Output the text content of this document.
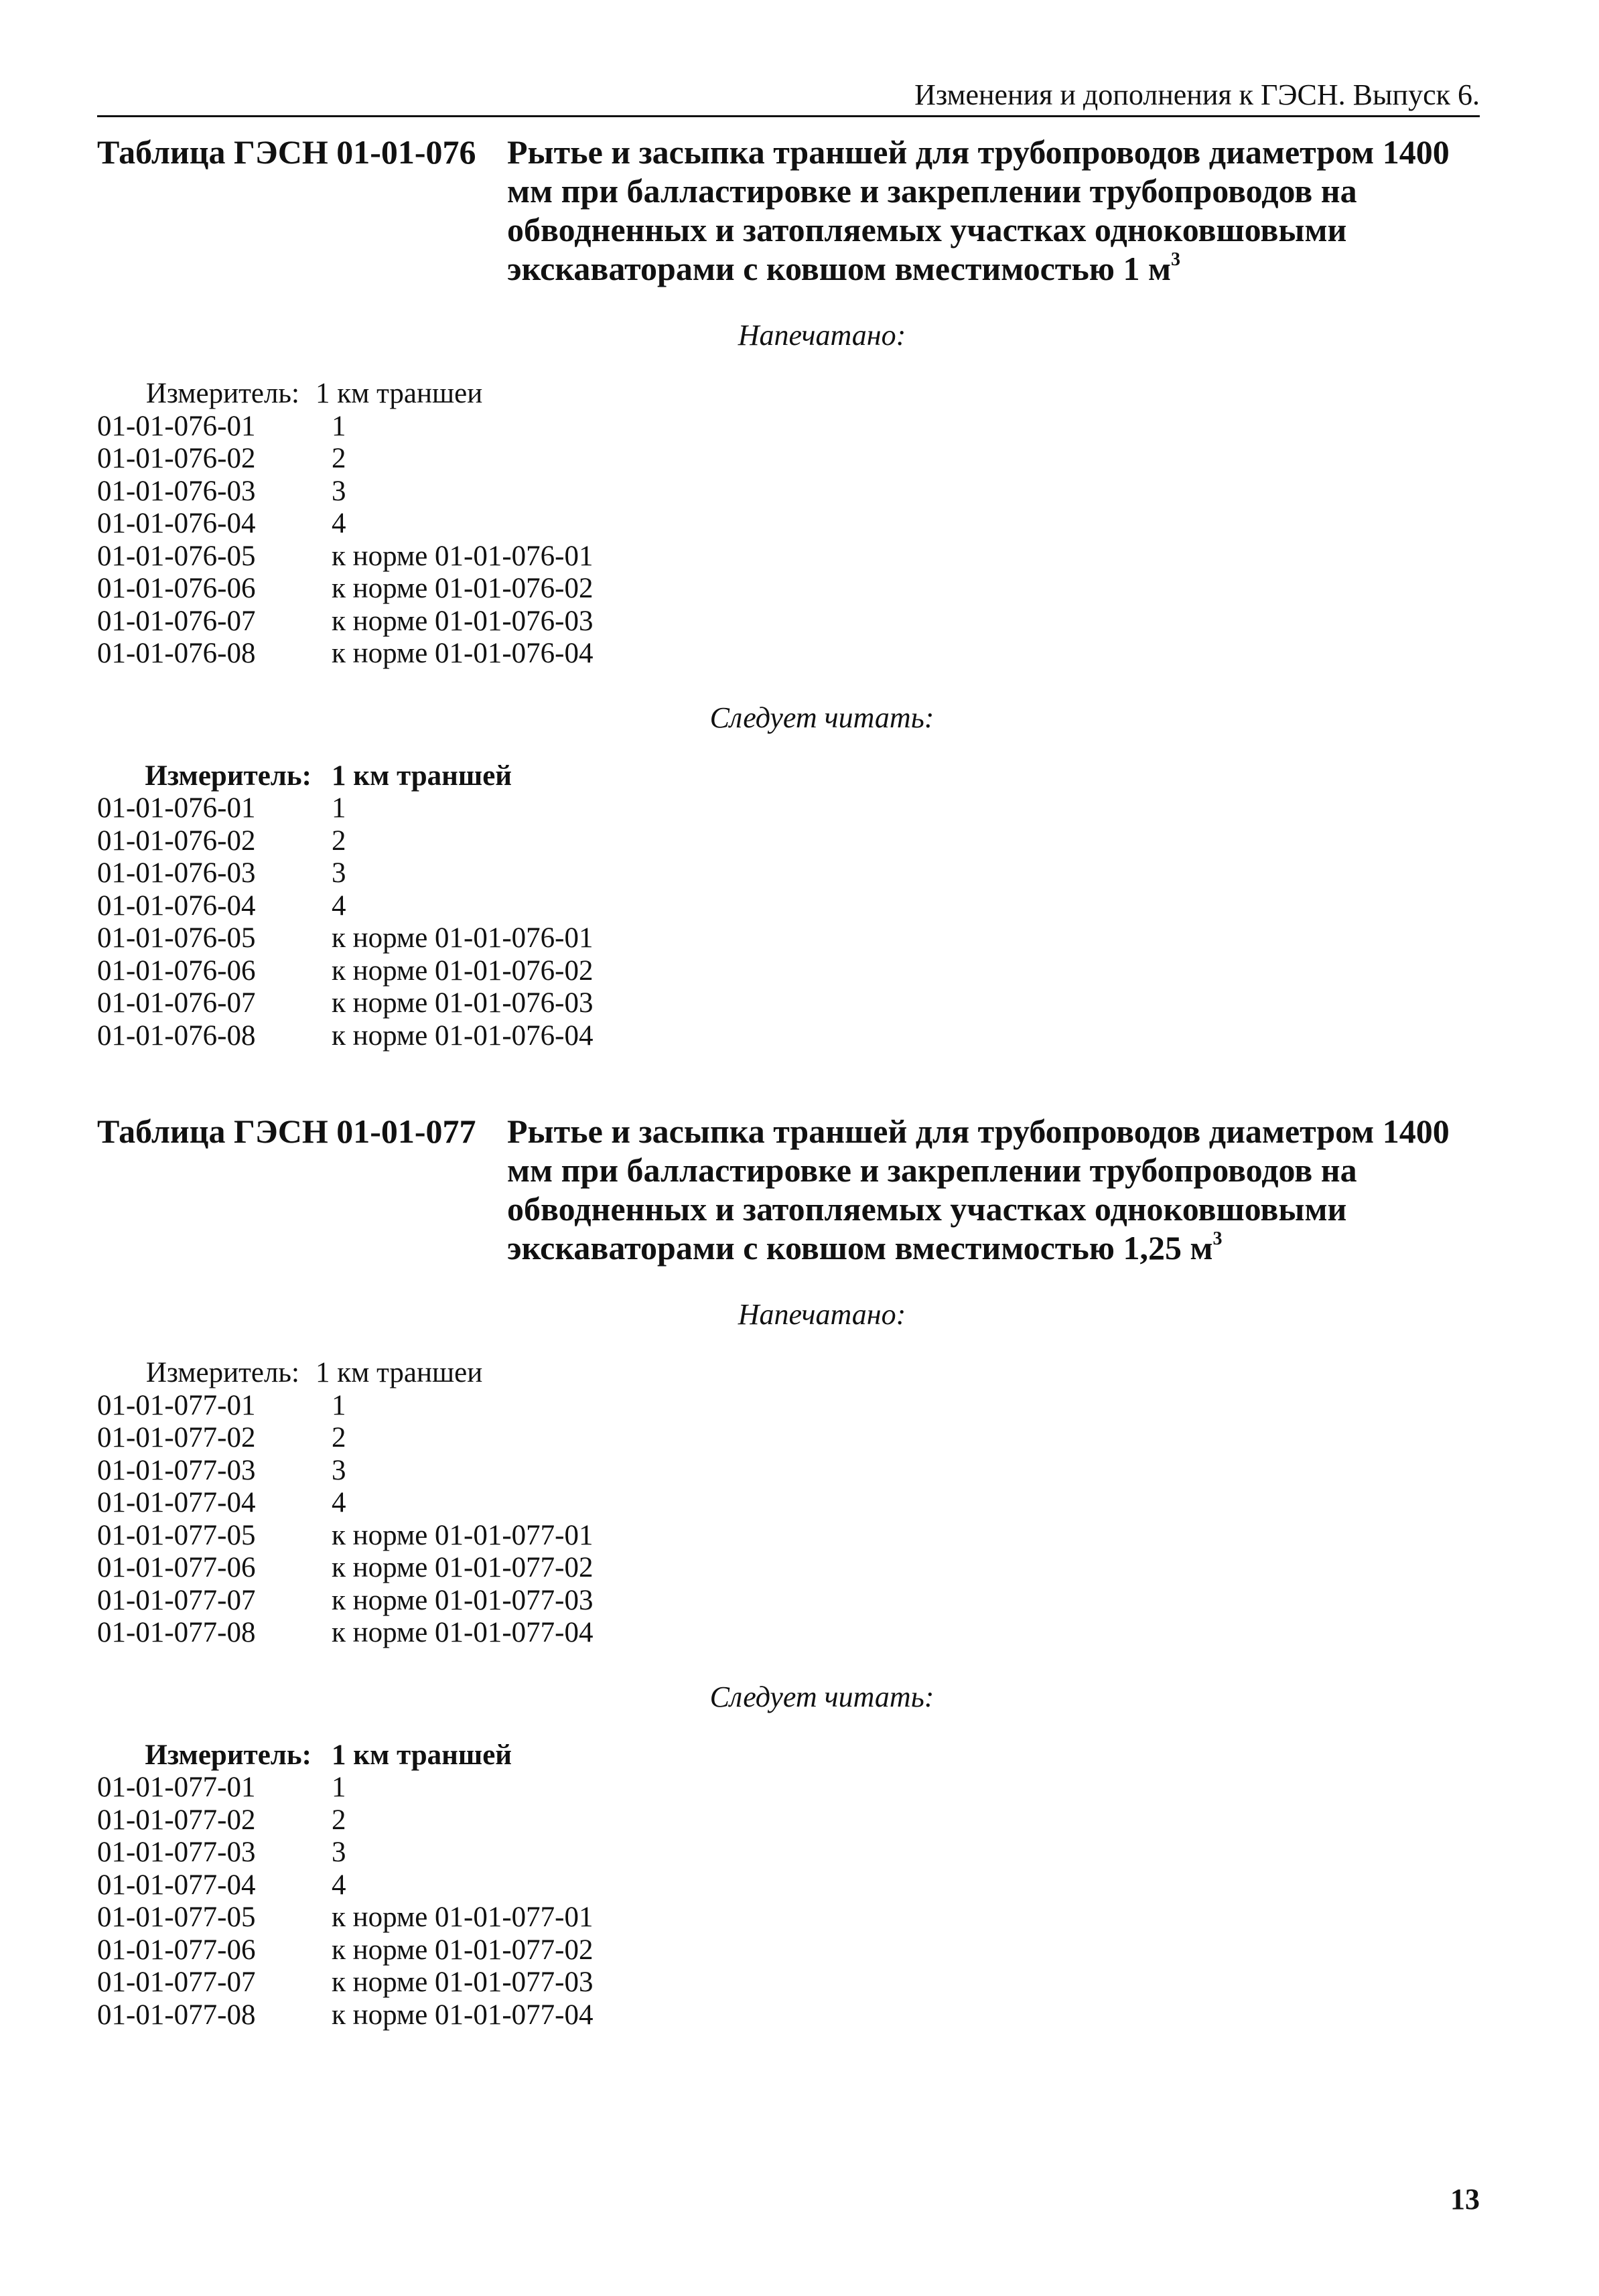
Изменения и дополнения к ГЭСН. Выпуск 6.
Таблица ГЭСН 01-01-076 Рытье и засыпка траншей для трубопроводов диаметром 1400 мм при балластировке и закреплении трубопроводов на обводненных и затопляемых участках одноковшовыми экскаваторами с ковшом вместимостью 1 $м^3$
Напечатано:
Измеритель: 1 км траншеи
01-01-076-01	1
01-01-076-02	2
01-01-076-03	3
01-01-076-04	4
01-01-076-05	к норме 01-01-076-01
01-01-076-06	к норме 01-01-076-02
01-01-076-07	к норме 01-01-076-03
01-01-076-08	к норме 01-01-076-04
Следует читать:
Измеритель: 1 км траншей
01-01-076-01	1
01-01-076-02	2
01-01-076-03	3
01-01-076-04	4
01-01-076-05	к норме 01-01-076-01
01-01-076-06	к норме 01-01-076-02
01-01-076-07	к норме 01-01-076-03
01-01-076-08	к норме 01-01-076-04
Таблица ГЭСН 01-01-077 Рытье и засыпка траншей для трубопроводов диаметром 1400 мм при балластировке и закреплении трубопроводов на обводненных и затопляемых участках одноковшовыми экскаваторами с ковшом вместимостью 1,25 $м^3$
Напечатано:
Измеритель: 1 км траншеи
01-01-077-01	1
01-01-077-02	2
01-01-077-03	3
01-01-077-04	4
01-01-077-05	к норме 01-01-077-01
01-01-077-06	к норме 01-01-077-02
01-01-077-07	к норме 01-01-077-03
01-01-077-08	к норме 01-01-077-04
Следует читать:
Измеритель: 1 км траншей
01-01-077-01	1
01-01-077-02	2
01-01-077-03	3
01-01-077-04	4
01-01-077-05	к норме 01-01-077-01
01-01-077-06	к норме 01-01-077-02
01-01-077-07	к норме 01-01-077-03
01-01-077-08	к норме 01-01-077-04
13
